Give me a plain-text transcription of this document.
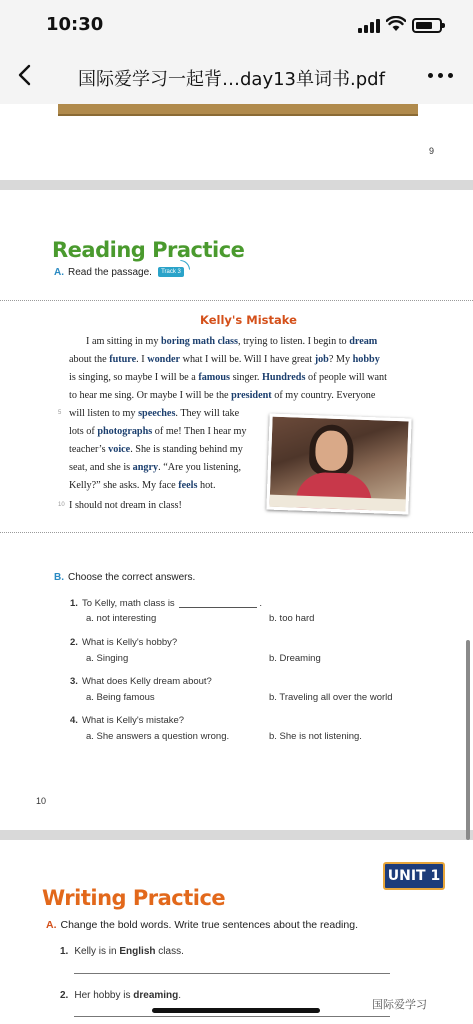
10:30
国际爱学习一起背…day13单词书.pdf
9
Reading Practice
A. Read the passage.	Track 3
Kelly's Mistake
I am sitting in my boring math class, trying to listen. I begin to dream
about the future. I wonder what I will be. Will I have great job? My hobby
is singing, so maybe I will be a famous singer. Hundreds of people will want
to hear me sing. Or maybe I will be the president of my country. Everyone
5 will listen to my speeches. They will take
lots of photographs of me! Then I hear my
teacher’s voice. She is standing behind my
seat, and she is angry. “Are you listening,
Kelly?” she asks. My face feels hot.
10 I should not dream in class!
B. Choose the correct answers.
1. To Kelly, math class is	.
a. not interesting	b. too hard
2. What is Kelly's hobby?
a. Singing	b. Dreaming
3. What does Kelly dream about?
a. Being famous	b. Traveling all over the world
4. What is Kelly's mistake?
a. She answers a question wrong.	b. She is not listening.
10
UNIT 1
Writing Practice
A. Change the bold words. Write true sentences about the reading.
1. Kelly is in English class.
2. Her hobby is dreaming.
国际爱学习
